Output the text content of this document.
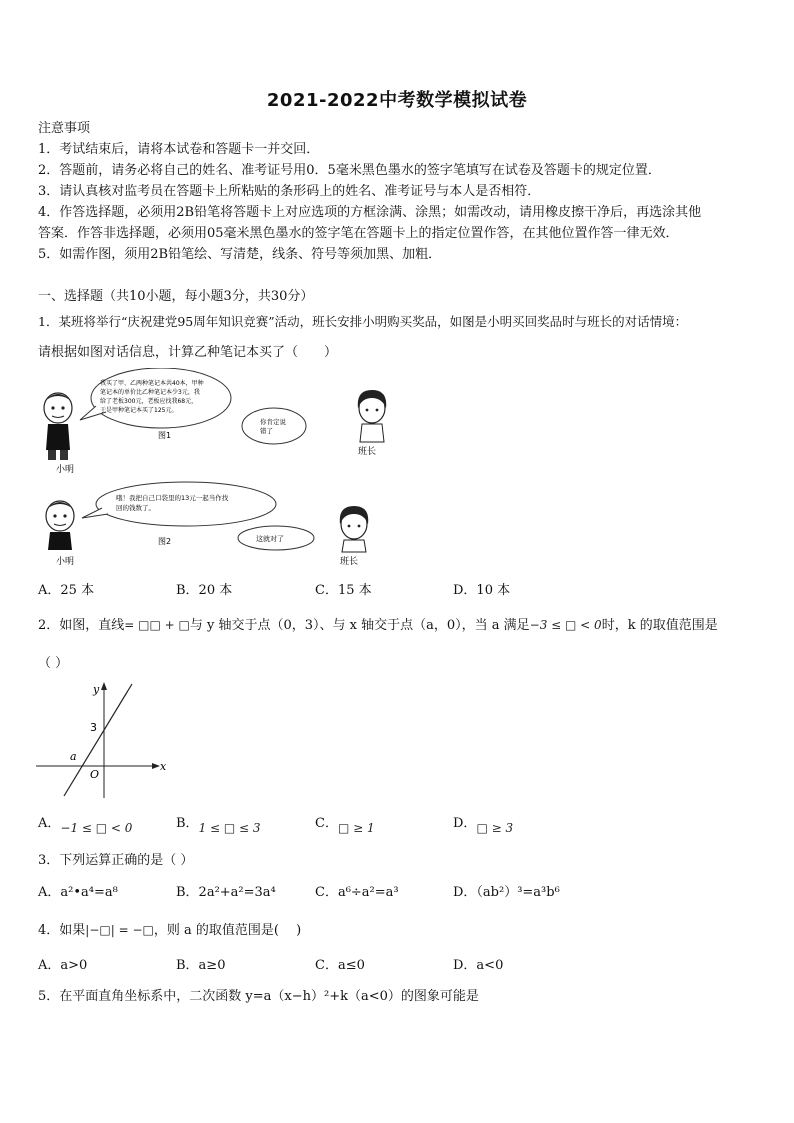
2021-2022中考数学模拟试卷
注意事项
1．考试结束后，请将本试卷和答题卡一并交回．
2．答题前，请务必将自己的姓名、准考证号用0．5毫米黑色墨水的签字笔填写在试卷及答题卡的规定位置．
3．请认真核对监考员在答题卡上所粘贴的条形码上的姓名、准考证号与本人是否相符．
4．作答选择题，必须用2B铅笔将答题卡上对应选项的方框涂满、涂黑；如需改动，请用橡皮擦干净后，再选涂其他
答案．作答非选择题，必须用05毫米黑色墨水的签字笔在答题卡上的指定位置作答，在其他位置作答一律无效．
5．如需作图，须用2B铅笔绘、写清楚，线条、符号等须加黑、加粗．
一、选择题（共10小题，每小题3分，共30分）
1．某班将举行“庆祝建党95周年知识竞赛”活动，班长安排小明购买奖品，如图是小明买回奖品时与班长的对话情境：
请根据如图对话信息，计算乙种笔记本买了（　　）
小明
我买了甲、乙两种笔记本共40本，甲种
笔记本的单价比乙种笔记本少3元，我
给了老板300元，老板应找我68元，
于是甲种笔记本买了125元。
图1
你肯定说
错了
班长
小明
哦！我把自己口袋里的13元一起当作找
回的钱数了。
图2	这就对了
班长
A．25 本	B．20 本	C．15 本	D．10 本
2．如图，直线= □□ + □与 y 轴交于点（0，3）、与 x 轴交于点（a，0），当 a 满足−3 ≤ □ < 0时，k 的取值范围是
（ ）
y
x
3
a
O
A．−1 ≤ □ < 0	B．1 ≤ □ ≤ 3	C．□ ≥ 1	D．□ ≥ 3
3．下列运算正确的是（ ）
A．a²•a⁴=a⁸	B．2a²+a²=3a⁴	C．a⁶÷a²=a³	D．（ab²）³=a³b⁶
4．如果|−□| = −□，则 a 的取值范围是(　 )
A．a>0	B．a≥0	C．a≤0	D．a<0
5．在平面直角坐标系中，二次函数 y=a（x−h）²+k（a<0）的图象可能是
